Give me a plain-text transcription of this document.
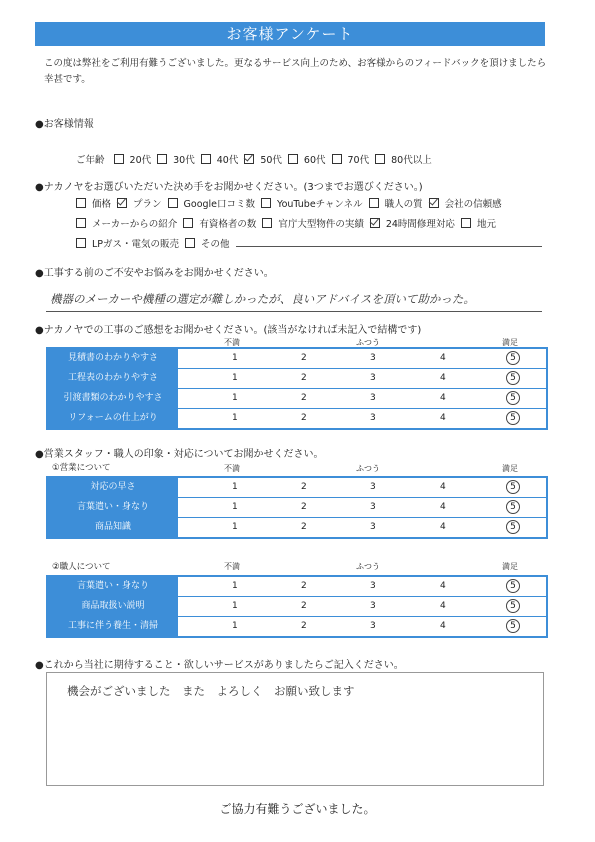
お客様アンケート
この度は弊社をご利用有難うございました。更なるサービス向上のため、お客様からのフィードバックを頂けましたら幸甚です。
●お客様情報
ご年齢	20代 30代 40代 50代 60代 70代 80代以上
●ナカノヤをお選びいただいた決め手をお聞かせください。(3つまでお選びください。)
価格 プラン Google口コミ数 YouTubeチャンネル 職人の質 会社の信頼感
メーカーからの紹介 有資格者の数 官庁大型物件の実績 24時間修理対応 地元
LPガス・電気の販売 その他
●工事する前のご不安やお悩みをお聞かせください。
機器のメーカーや機種の選定が難しかったが、良いアドバイスを頂いて助かった。
●ナカノヤでの工事のご感想をお聞かせください。(該当がなければ未記入で結構です)
不満	ふつう	満足
見積書のわかりやすさ	1	2	3	4	5
工程表のわかりやすさ	1	2	3	4	5
引渡書類のわかりやすさ	1	2	3	4	5
リフォームの仕上がり	1	2	3	4	5
●営業スタッフ・職人の印象・対応についてお聞かせください。
①営業について	不満	ふつう	満足
対応の早さ	1	2	3	4	5
言葉遣い・身なり	1	2	3	4	5
商品知識	1	2	3	4	5
②職人について	不満	ふつう	満足
言葉遣い・身なり	1	2	3	4	5
商品取扱い説明	1	2	3	4	5
工事に伴う養生・清掃	1	2	3	4	5
●これから当社に期待すること・欲しいサービスがありましたらご記入ください。
機会がございました　また　よろしく　お願い致します
ご協力有難うございました。
